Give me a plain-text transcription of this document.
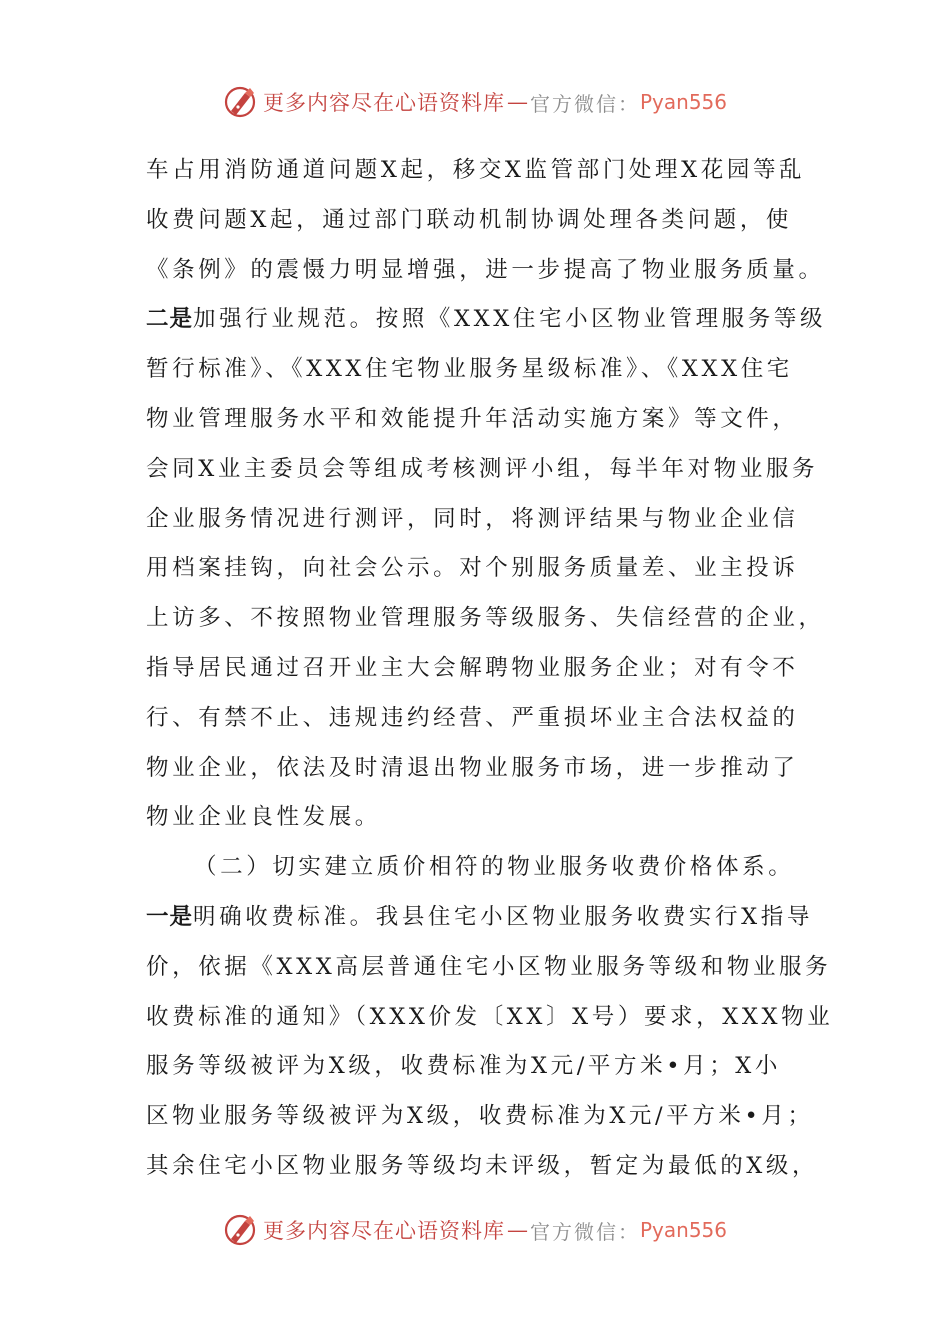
更多内容尽在心语资料库 — 官方微信： Pyan556
车占用消防通道问题X起，移交X监管部门处理X花园等乱
收费问题X起，通过部门联动机制协调处理各类问题，使
《条例》的震慑力明显增强，进一步提高了物业服务质量。
二是加强行业规范。按照《XXX住宅小区物业管理服务等级
暂行标准》、《XXX住宅物业服务星级标准》、《XXX住宅
物业管理服务水平和效能提升年活动实施方案》等文件，
会同X业主委员会等组成考核测评小组，每半年对物业服务
企业服务情况进行测评，同时，将测评结果与物业企业信
用档案挂钩，向社会公示。对个别服务质量差、业主投诉
上访多、不按照物业管理服务等级服务、失信经营的企业，
指导居民通过召开业主大会解聘物业服务企业；对有令不
行、有禁不止、违规违约经营、严重损坏业主合法权益的
物业企业，依法及时清退出物业服务市场，进一步推动了
物业企业良性发展。
（二）切实建立质价相符的物业服务收费价格体系。
一是明确收费标准。我县住宅小区物业服务收费实行X指导
价，依据《XXX高层普通住宅小区物业服务等级和物业服务
收费标准的通知》（XXX价发〔XX〕X号）要求，XXX物业
服务等级被评为X级，收费标准为X元/平方米•月；X小
区物业服务等级被评为X级，收费标准为X元/平方米•月；
其余住宅小区物业服务等级均未评级，暂定为最低的X级，
更多内容尽在心语资料库 — 官方微信： Pyan556
